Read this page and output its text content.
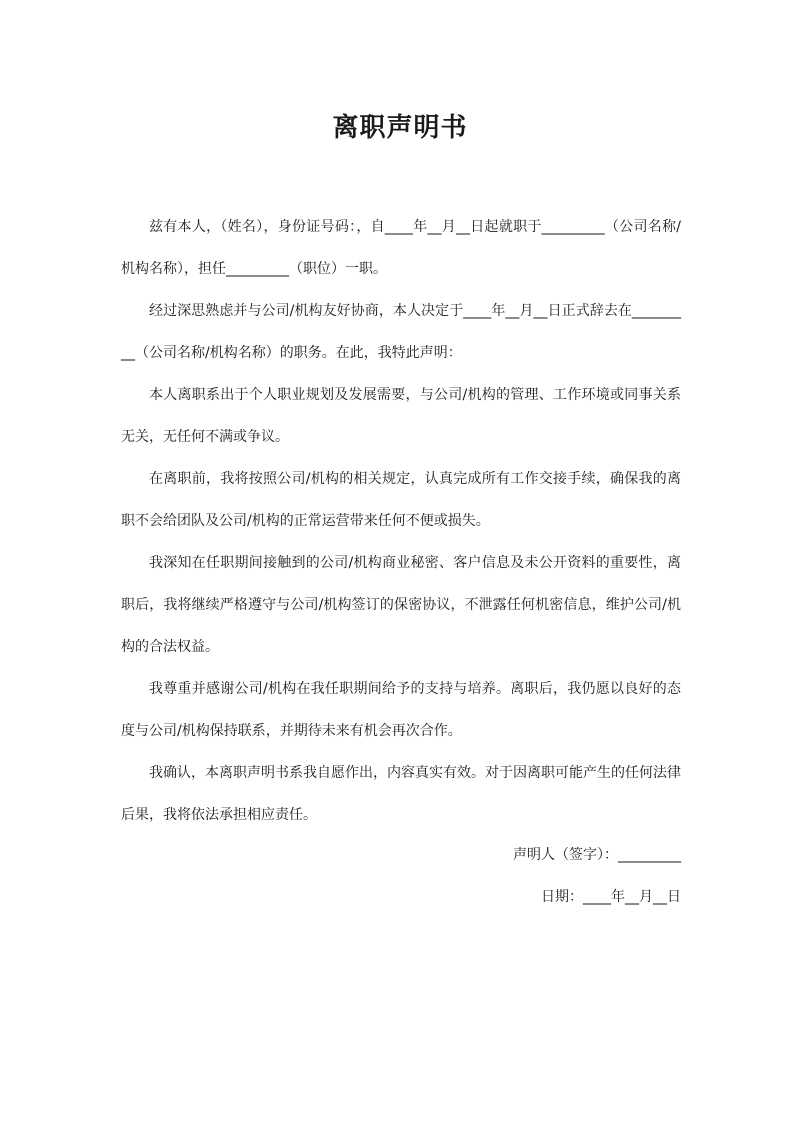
离职声明书

兹有本人，（姓名），身份证号码：，自____年__月__日起就职于_________（公司名称/机构名称），担任_________（职位）一职。

经过深思熟虑并与公司/机构友好协商，本人决定于____年__月__日正式辞去在_________（公司名称/机构名称）的职务。在此，我特此声明：

本人离职系出于个人职业规划及发展需要，与公司/机构的管理、工作环境或同事关系无关，无任何不满或争议。

在离职前，我将按照公司/机构的相关规定，认真完成所有工作交接手续，确保我的离职不会给团队及公司/机构的正常运营带来任何不便或损失。

我深知在任职期间接触到的公司/机构商业秘密、客户信息及未公开资料的重要性，离职后，我将继续严格遵守与公司/机构签订的保密协议，不泄露任何机密信息，维护公司/机构的合法权益。

我尊重并感谢公司/机构在我任职期间给予的支持与培养。离职后，我仍愿以良好的态度与公司/机构保持联系，并期待未来有机会再次合作。

我确认，本离职声明书系我自愿作出，内容真实有效。对于因离职可能产生的任何法律后果，我将依法承担相应责任。

声明人（签字）：_________

日期：____年__月__日
